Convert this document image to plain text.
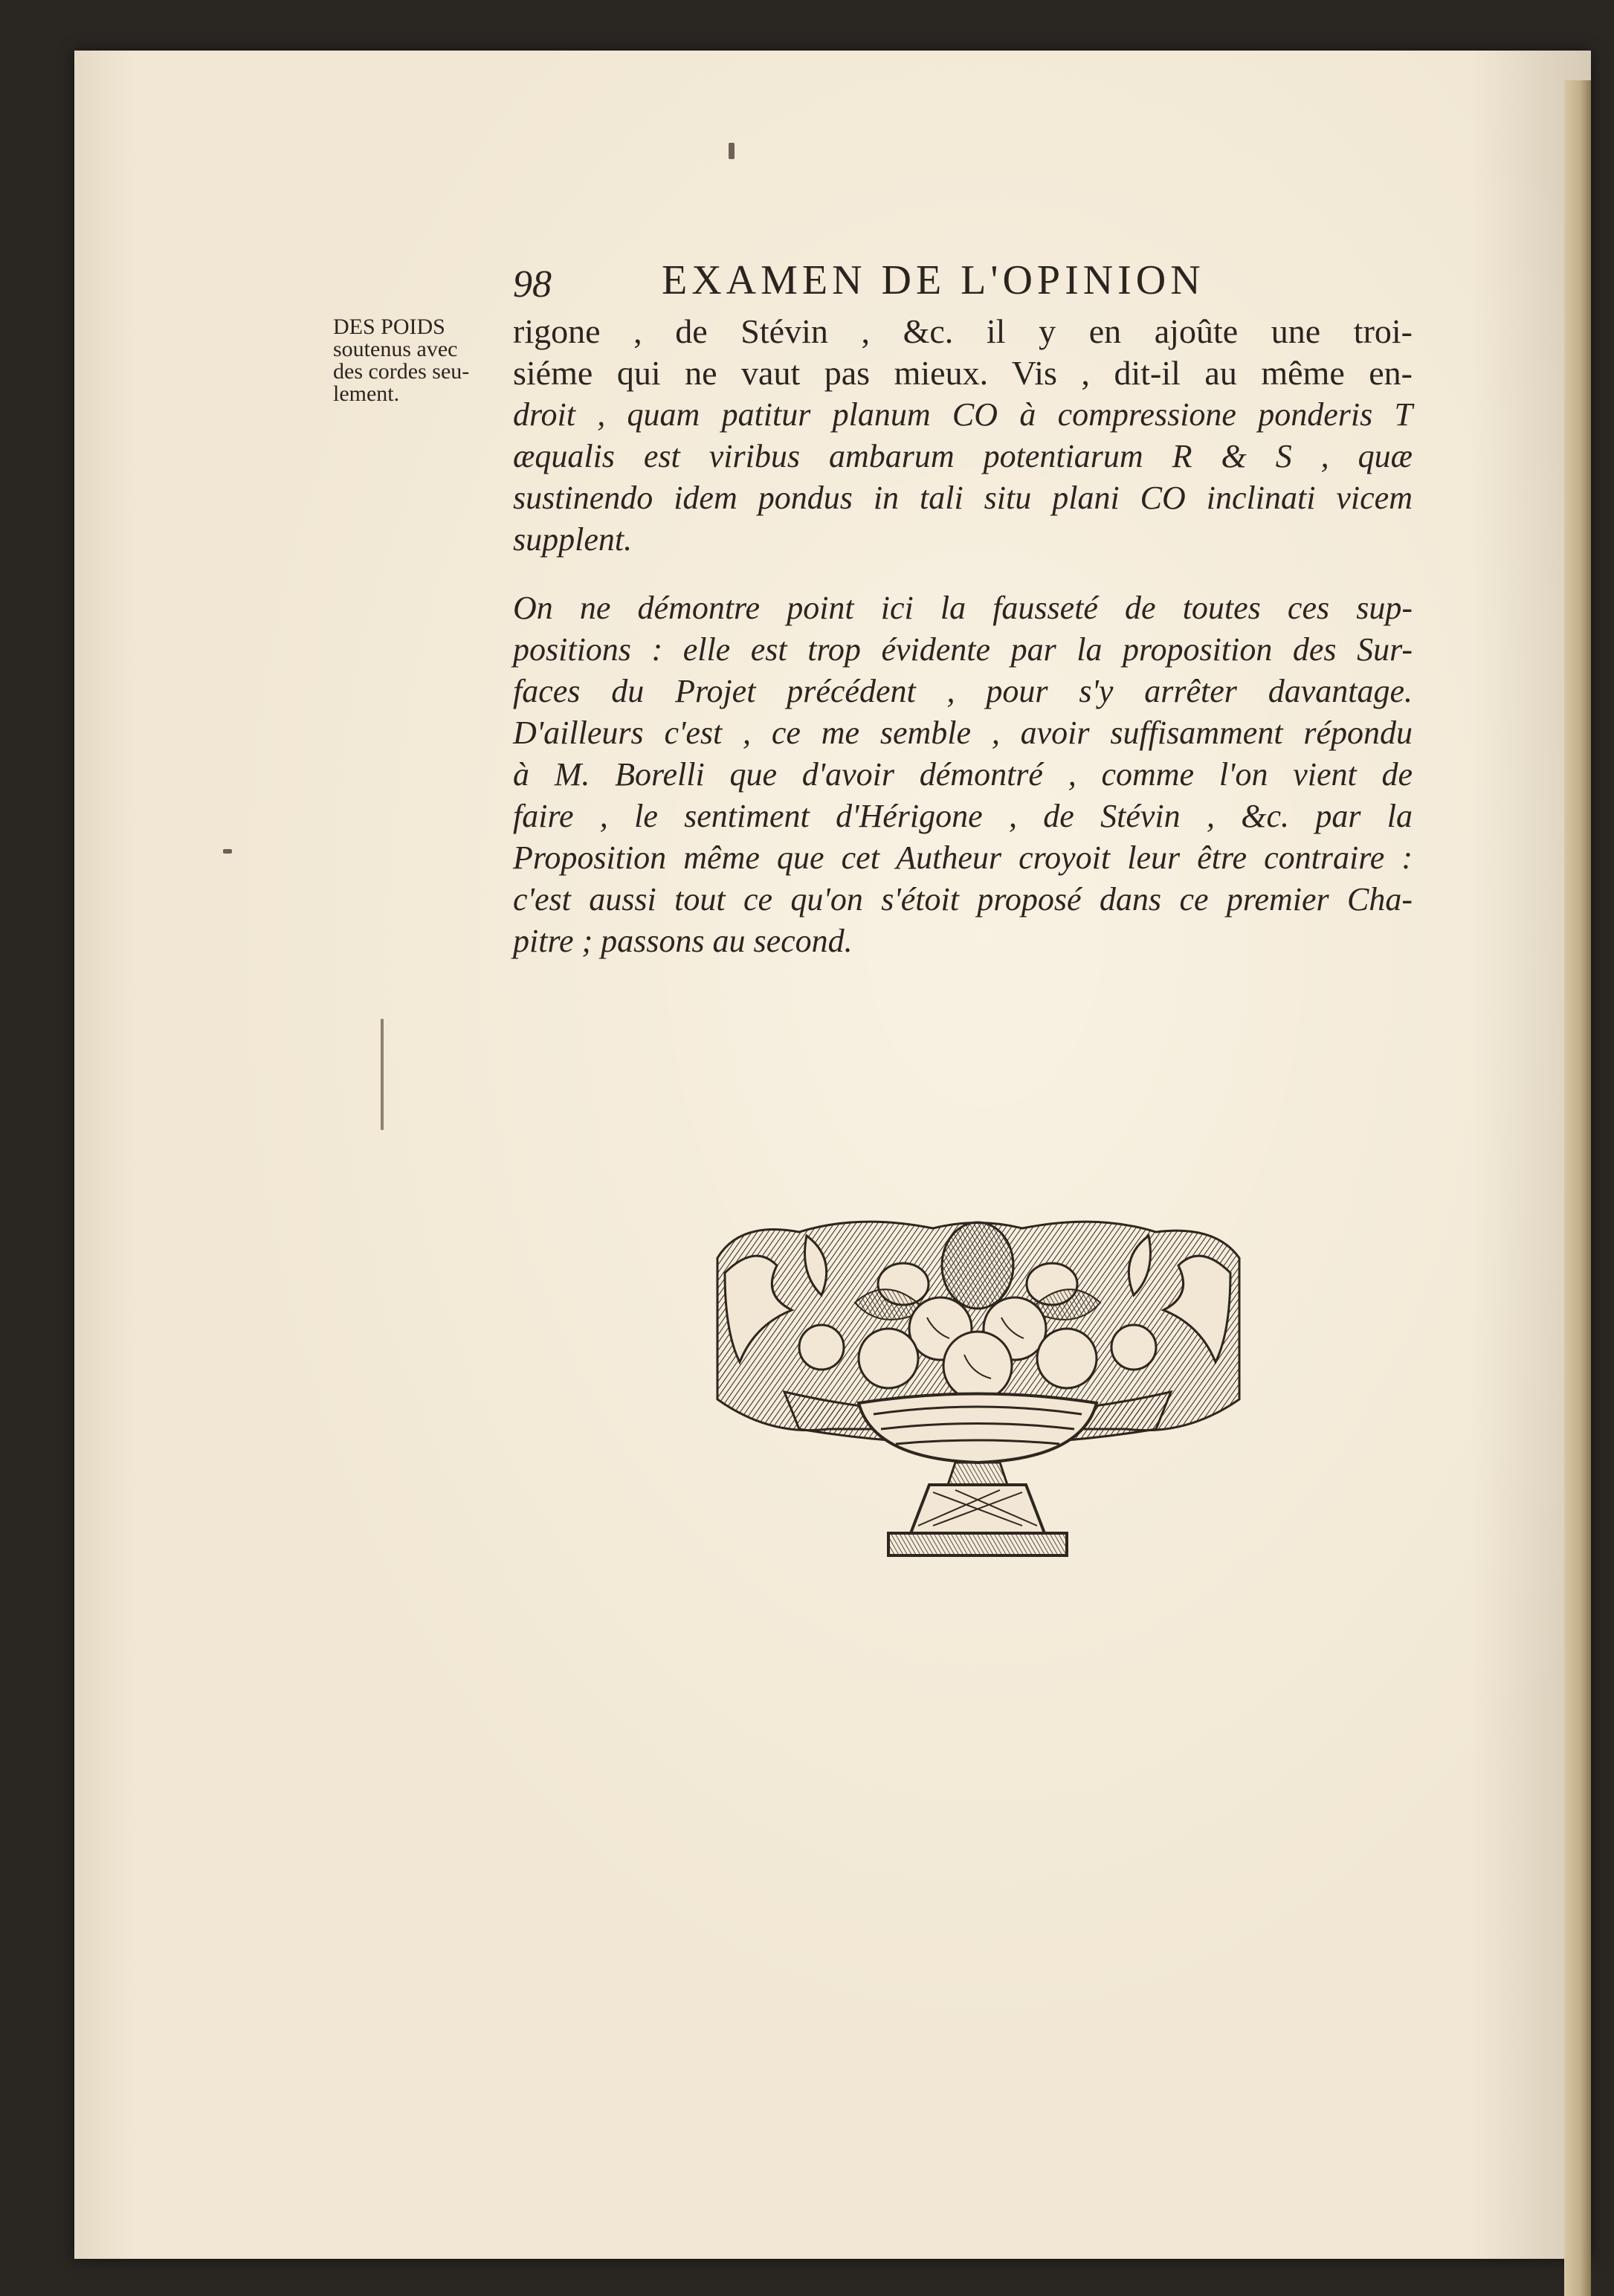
98	EXAMEN DE L'OPINION
DES POIDS
soutenus avec
des cordes seu-
lement.
rigone , de Stévin , &c. il y en ajoûte une troi-
siéme qui ne vaut pas mieux. Vis , dit-il au même en-
droit , quam patitur planum CO à compressione ponderis T
æqualis est viribus ambarum potentiarum R & S , quæ
sustinendo idem pondus in tali situ plani CO inclinati vicem
supplent.
On ne démontre point ici la fausseté de toutes ces sup-
positions : elle est trop évidente par la proposition des Sur-
faces du Projet précédent , pour s'y arrêter davantage.
D'ailleurs c'est , ce me semble , avoir suffisamment répondu
à M. Borelli que d'avoir démontré , comme l'on vient de
faire , le sentiment d'Hérigone , de Stévin , &c. par la
Proposition même que cet Autheur croyoit leur être contraire :
c'est aussi tout ce qu'on s'étoit proposé dans ce premier Cha-
pitre ; passons au second.
